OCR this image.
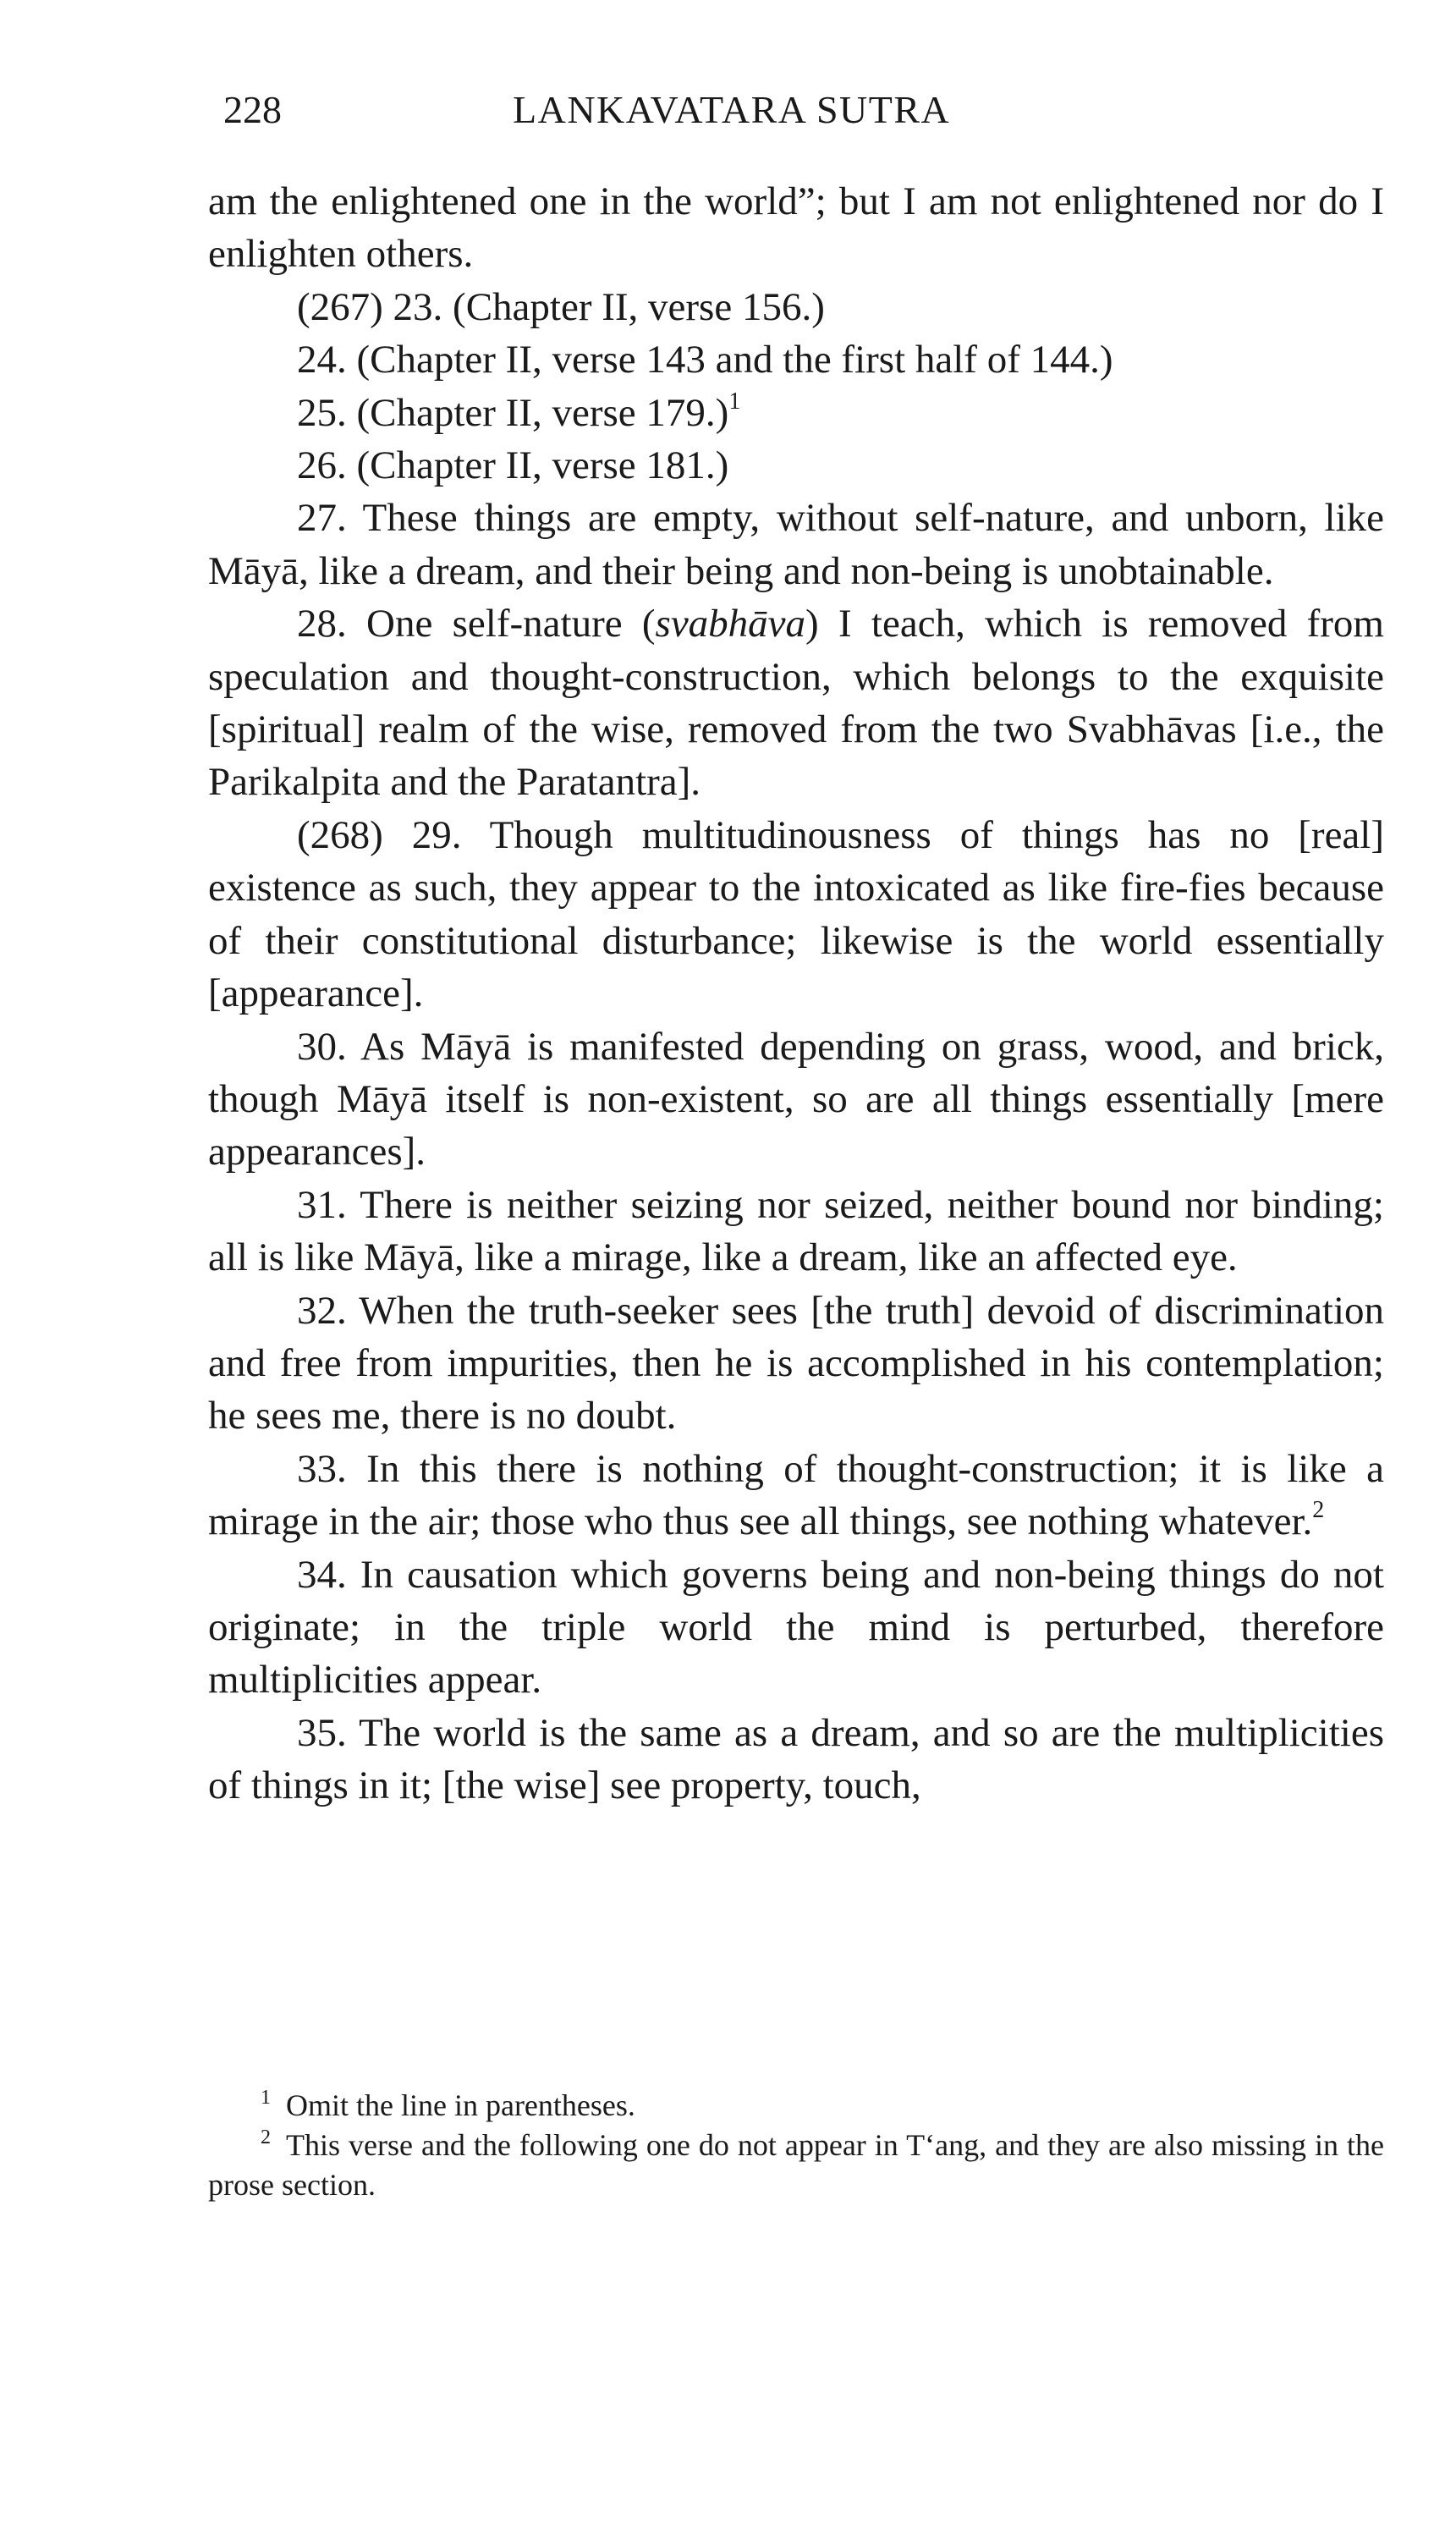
228	LANKAVATARA SUTRA

am the enlightened one in the world”; but I am not enlightened nor do I enlighten others.

(267) 23. (Chapter II, verse 156.)

24. (Chapter II, verse 143 and the first half of 144.)

25. (Chapter II, verse 179.)$^1$

26. (Chapter II, verse 181.)

27. These things are empty, without self-nature, and unborn, like Māyā, like a dream, and their being and non-being is unobtainable.

28. One self-nature (svabhāva) I teach, which is removed from speculation and thought-construction, which belongs to the exquisite [spiritual] realm of the wise, removed from the two Svabhāvas [i.e., the Parikalpita and the Paratantra].

(268) 29. Though multitudinousness of things has no [real] existence as such, they appear to the intoxicated as like fire-fies because of their constitutional disturbance; likewise is the world essentially [appearance].

30. As Māyā is manifested depending on grass, wood, and brick, though Māyā itself is non-existent, so are all things essentially [mere appearances].

31. There is neither seizing nor seized, neither bound nor binding; all is like Māyā, like a mirage, like a dream, like an affected eye.

32. When the truth-seeker sees [the truth] devoid of discrimination and free from impurities, then he is accomplished in his contemplation; he sees me, there is no doubt.

33. In this there is nothing of thought-construction; it is like a mirage in the air; those who thus see all things, see nothing whatever.$^2$

34. In causation which governs being and non-being things do not originate; in the triple world the mind is perturbed, therefore multiplicities appear.

35. The world is the same as a dream, and so are the multiplicities of things in it; [the wise] see property, touch,

$^1$ Omit the line in parentheses.

$^2$ This verse and the following one do not appear in T‘ang, and they are also missing in the prose section.
